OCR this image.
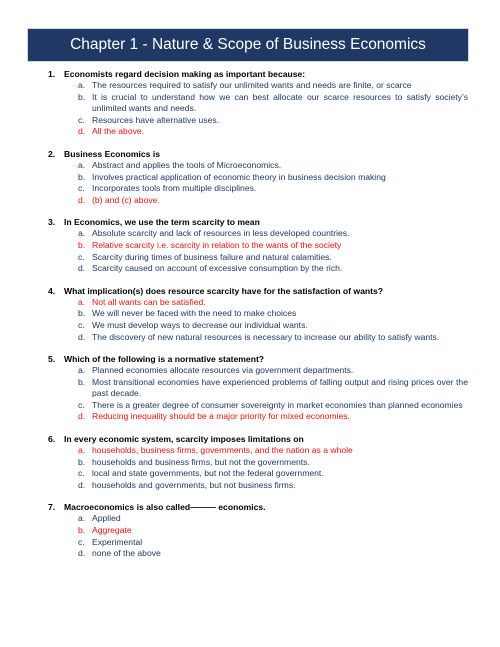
Chapter 1 - Nature & Scope of Business Economics
1.	Economists regard decision making as important because:
a. The resources required to satisfy our unlimited wants and needs are finite, or scarce
b. It is crucial to understand how we can best allocate our scarce resources to satisfy society’s unlimited wants and needs.
c. Resources have alternative uses.
d. All the above.
2.	Business Economics is
a. Abstract and applies the tools of Microeconomics.
b. Involves practical application of economic theory in business decision making
c. Incorporates tools from multiple disciplines.
d. (b) and (c) above.
3.	In Economics, we use the term scarcity to mean
a. Absolute scarcity and lack of resources in less developed countries.
b. Relative scarcity i.e. scarcity in relation to the wants of the society
c. Scarcity during times of business failure and natural calamities.
d. Scarcity caused on account of excessive consumption by the rich.
4.	What implication(s) does resource scarcity have for the satisfaction of wants?
a. Not all wants can be satisfied.
b. We will never be faced with the need to make choices
c. We must develop ways to decrease our individual wants.
d. The discovery of new natural resources is necessary to increase our ability to satisfy wants.
5.	Which of the following is a normative statement?
a. Planned economies allocate resources via government departments.
b. Most transitional economies have experienced problems of falling output and rising prices over the past decade.
c. There is a greater degree of consumer sovereignty in market economies than planned economies
d. Reducing inequality should be a major priority for mixed economies.
6.	In every economic system, scarcity imposes limitations on
a. households, business firms, governments, and the nation as a whole
b. households and business firms, but not the governments.
c. local and state governments, but not the federal government.
d. households and governments, but not business firms.
7.	Macroeconomics is also called——— economics.
a. Applied
b. Aggregate
c. Experimental
d. none of the above
